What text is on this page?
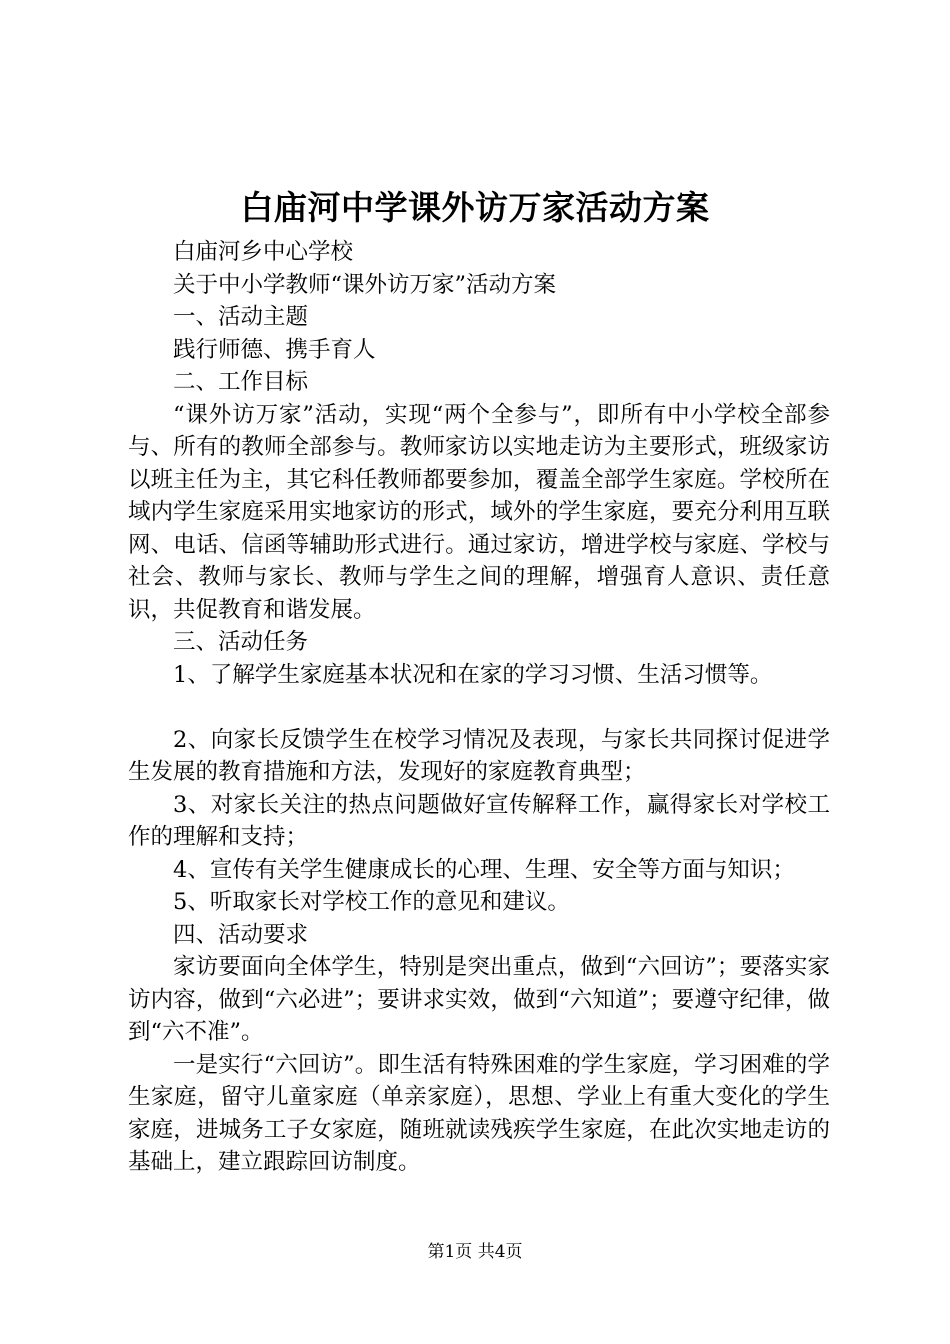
白庙河中学课外访万家活动方案

白庙河乡中心学校

关于中小学教师“课外访万家”活动方案

一、活动主题

践行师德、携手育人

二、工作目标

“课外访万家”活动，实现“两个全参与”，即所有中小学校全部参与、所有的教师全部参与。教师家访以实地走访为主要形式，班级家访以班主任为主，其它科任教师都要参加，覆盖全部学生家庭。学校所在域内学生家庭采用实地家访的形式，域外的学生家庭，要充分利用互联网、电话、信函等辅助形式进行。通过家访，增进学校与家庭、学校与社会、教师与家长、教师与学生之间的理解，增强育人意识、责任意识，共促教育和谐发展。

三、活动任务

1、了解学生家庭基本状况和在家的学习习惯、生活习惯等。

2、向家长反馈学生在校学习情况及表现，与家长共同探讨促进学生发展的教育措施和方法，发现好的家庭教育典型；

3、对家长关注的热点问题做好宣传解释工作，赢得家长对学校工作的理解和支持；

4、宣传有关学生健康成长的心理、生理、安全等方面与知识；

5、听取家长对学校工作的意见和建议。

四、活动要求

家访要面向全体学生，特别是突出重点，做到“六回访”；要落实家访内容，做到“六必进”；要讲求实效，做到“六知道”；要遵守纪律，做到“六不准”。

一是实行“六回访”。即生活有特殊困难的学生家庭，学习困难的学生家庭，留守儿童家庭（单亲家庭），思想、学业上有重大变化的学生家庭，进城务工子女家庭，随班就读残疾学生家庭，在此次实地走访的基础上，建立跟踪回访制度。

第1页 共4页
